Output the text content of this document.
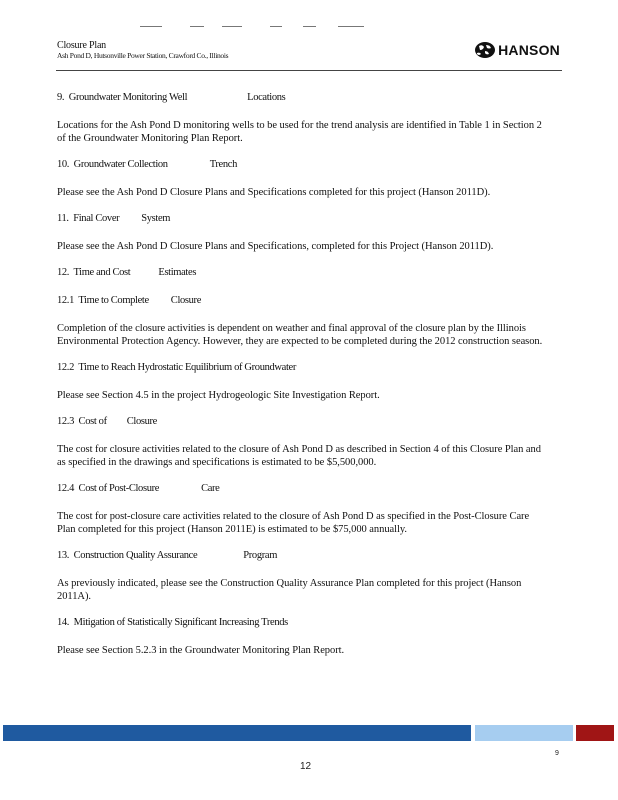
Closure Plan
Ash Pond D, Hutsonville Power Station, Crawford Co., Illinois	HANSON
9. Groundwater Monitoring Well	Locations
Locations for the Ash Pond D monitoring wells to be used for the trend analysis are identified in Table 1 in Section 2 of the Groundwater Monitoring Plan Report.
10. Groundwater Collection	Trench
Please see the Ash Pond D Closure Plans and Specifications completed for this project (Hanson 2011D).
11. Final Cover System
Please see the Ash Pond D Closure Plans and Specifications, completed for this Project (Hanson 2011D).
12. Time and Cost	Estimates
12.1 Time to Complete Closure
Completion of the closure activities is dependent on weather and final approval of the closure plan by the Illinois Environmental Protection Agency. However, they are expected to be completed during the 2012 construction season.
12.2 Time to Reach Hydrostatic Equilibrium of Groundwater
Please see Section 4.5 in the project Hydrogeologic Site Investigation Report.
12.3 Cost of Closure
The cost for closure activities related to the closure of Ash Pond D as described in Section 4 of this Closure Plan and as specified in the drawings and specifications is estimated to be $5,500,000.
12.4 Cost of Post-Closure	Care
The cost for post-closure care activities related to the closure of Ash Pond D as specified in the Post-Closure Care Plan completed for this project (Hanson 2011E) is estimated to be $75,000 annually.
13. Construction Quality Assurance	Program
As previously indicated, please see the Construction Quality Assurance Plan completed for this project (Hanson 2011A).
14. Mitigation of Statistically Significant Increasing Trends
Please see Section 5.2.3 in the Groundwater Monitoring Plan Report.
9
12
